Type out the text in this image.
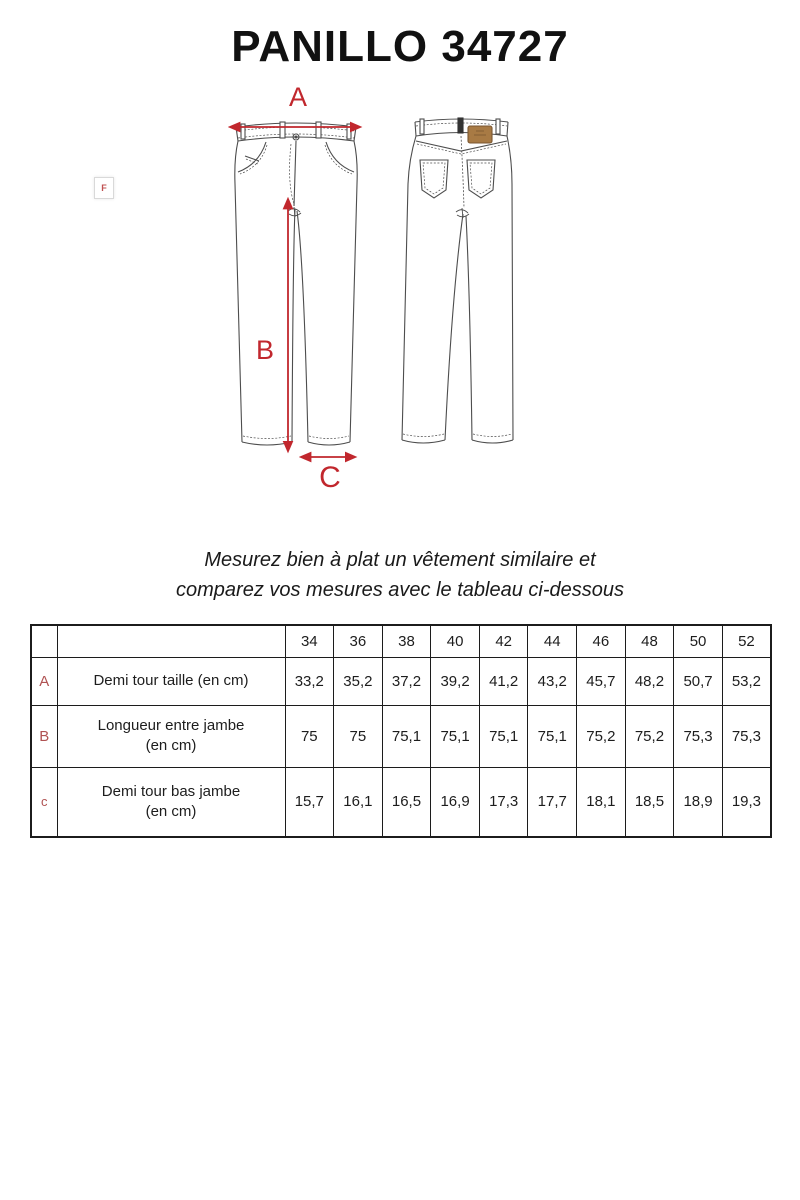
PANILLO 34727
F
A
B
C
Mesurez bien à plat un vêtement similaire et
comparez vos mesures avec le tableau ci-dessous
		34	36	38	40	42	44	46	48	50	52
A	Demi tour taille (en cm)	33,2	35,2	37,2	39,2	41,2	43,2	45,7	48,2	50,7	53,2
B	Longueur entre jambe (en cm)	75	75	75,1	75,1	75,1	75,1	75,2	75,2	75,3	75,3
c	Demi tour bas jambe (en cm)	15,7	16,1	16,5	16,9	17,3	17,7	18,1	18,5	18,9	19,3
